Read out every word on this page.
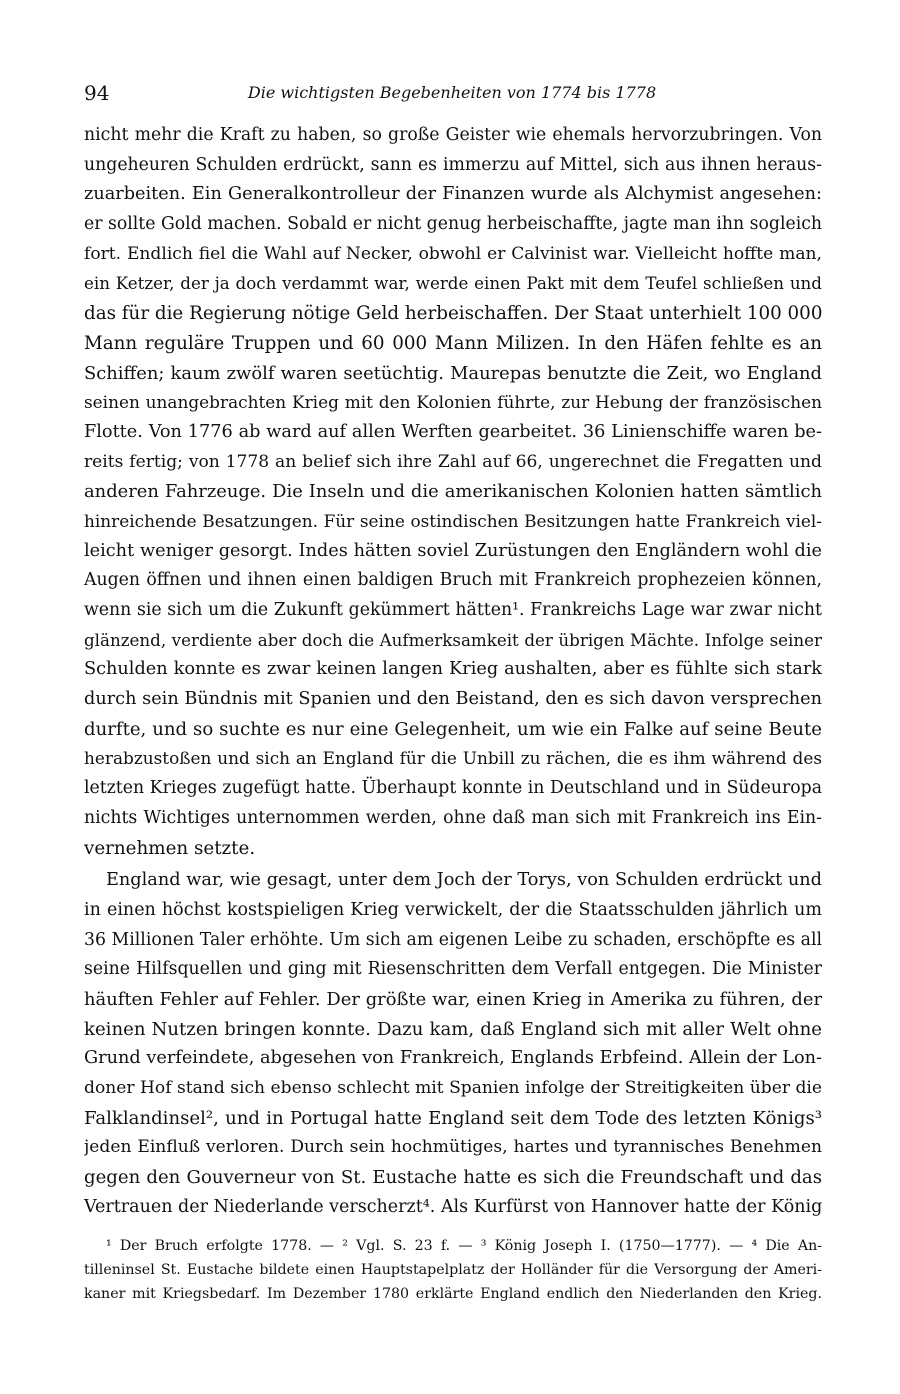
94	Die wichtigsten Begebenheiten von 1774 bis 1778

nicht mehr die Kraft zu haben, so große Geister wie ehemals hervorzubringen. Von
ungeheuren Schulden erdrückt, sann es immerzu auf Mittel, sich aus ihnen heraus-
zuarbeiten. Ein Generalkontrolleur der Finanzen wurde als Alchymist angesehen:
er sollte Gold machen. Sobald er nicht genug herbeischaffte, jagte man ihn sogleich
fort. Endlich fiel die Wahl auf Necker, obwohl er Calvinist war. Vielleicht hoffte man,
ein Ketzer, der ja doch verdammt war, werde einen Pakt mit dem Teufel schließen und
das für die Regierung nötige Geld herbeischaffen. Der Staat unterhielt 100 000
Mann reguläre Truppen und 60 000 Mann Milizen. In den Häfen fehlte es an
Schiffen; kaum zwölf waren seetüchtig. Maurepas benutzte die Zeit, wo England
seinen unangebrachten Krieg mit den Kolonien führte, zur Hebung der französischen
Flotte. Von 1776 ab ward auf allen Werften gearbeitet. 36 Linienschiffe waren be-
reits fertig; von 1778 an belief sich ihre Zahl auf 66, ungerechnet die Fregatten und
anderen Fahrzeuge. Die Inseln und die amerikanischen Kolonien hatten sämtlich
hinreichende Besatzungen. Für seine ostindischen Besitzungen hatte Frankreich viel-
leicht weniger gesorgt. Indes hätten soviel Zurüstungen den Engländern wohl die
Augen öffnen und ihnen einen baldigen Bruch mit Frankreich prophezeien können,
wenn sie sich um die Zukunft gekümmert hätten¹. Frankreichs Lage war zwar nicht
glänzend, verdiente aber doch die Aufmerksamkeit der übrigen Mächte. Infolge seiner
Schulden konnte es zwar keinen langen Krieg aushalten, aber es fühlte sich stark
durch sein Bündnis mit Spanien und den Beistand, den es sich davon versprechen
durfte, und so suchte es nur eine Gelegenheit, um wie ein Falke auf seine Beute
herabzustoßen und sich an England für die Unbill zu rächen, die es ihm während des
letzten Krieges zugefügt hatte. Überhaupt konnte in Deutschland und in Südeuropa
nichts Wichtiges unternommen werden, ohne daß man sich mit Frankreich ins Ein-
vernehmen setzte.

England war, wie gesagt, unter dem Joch der Torys, von Schulden erdrückt und
in einen höchst kostspieligen Krieg verwickelt, der die Staatsschulden jährlich um
36 Millionen Taler erhöhte. Um sich am eigenen Leibe zu schaden, erschöpfte es all
seine Hilfsquellen und ging mit Riesenschritten dem Verfall entgegen. Die Minister
häuften Fehler auf Fehler. Der größte war, einen Krieg in Amerika zu führen, der
keinen Nutzen bringen konnte. Dazu kam, daß England sich mit aller Welt ohne
Grund verfeindete, abgesehen von Frankreich, Englands Erbfeind. Allein der Lon-
doner Hof stand sich ebenso schlecht mit Spanien infolge der Streitigkeiten über die
Falklandinsel², und in Portugal hatte England seit dem Tode des letzten Königs³
jeden Einfluß verloren. Durch sein hochmütiges, hartes und tyrannisches Benehmen
gegen den Gouverneur von St. Eustache hatte es sich die Freundschaft und das
Vertrauen der Niederlande verscherzt⁴. Als Kurfürst von Hannover hatte der König

¹ Der Bruch erfolgte 1778. — ² Vgl. S. 23 f. — ³ König Joseph I. (1750—1777). — ⁴ Die An-
tilleninsel St. Eustache bildete einen Hauptstapelplatz der Holländer für die Versorgung der Ameri-
kaner mit Kriegsbedarf. Im Dezember 1780 erklärte England endlich den Niederlanden den Krieg.
